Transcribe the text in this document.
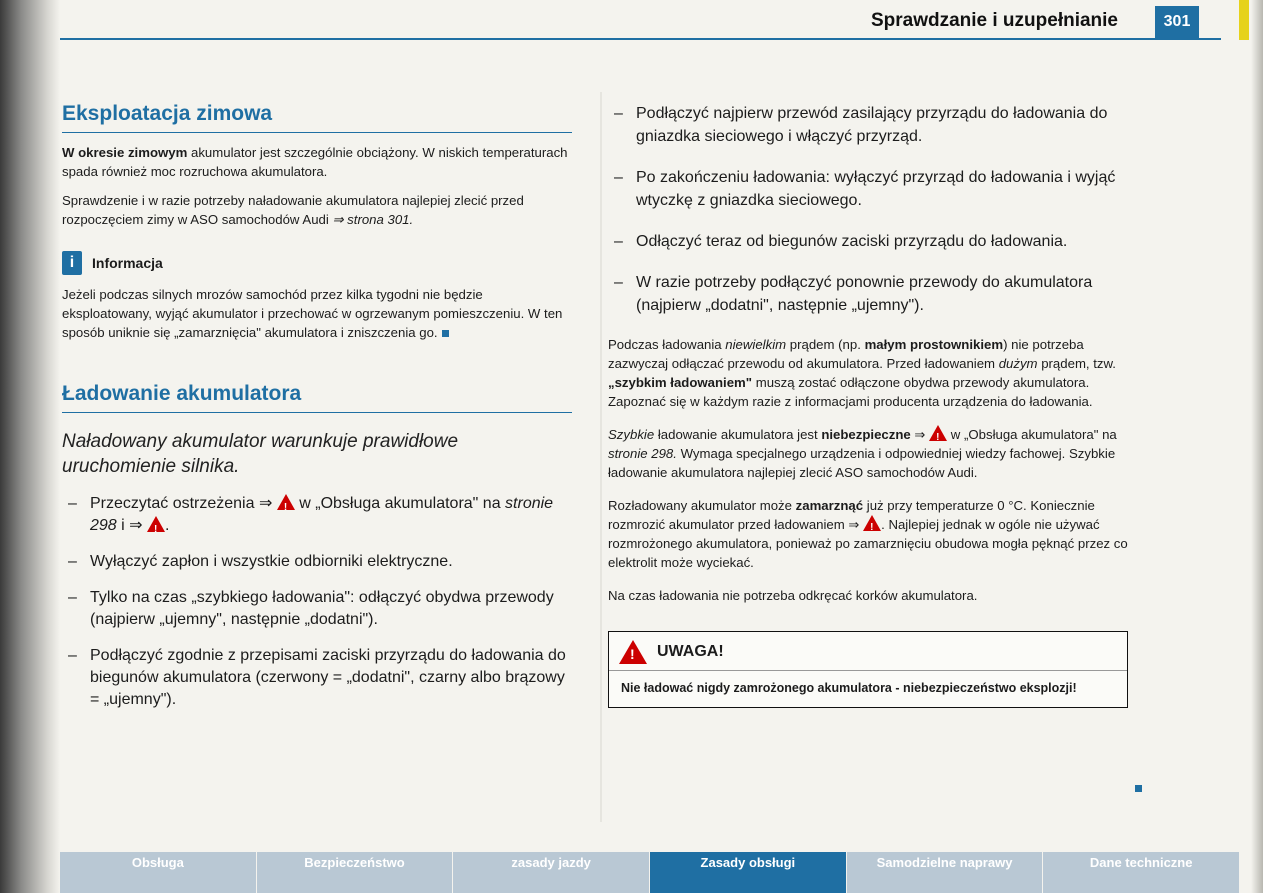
Sprawdzanie i uzupełnianie	301
Eksploatacja zimowa

W okresie zimowym akumulator jest szczególnie obciążony. W niskich temperaturach spada również moc rozruchowa akumulatora.

Sprawdzenie i w razie potrzeby naładowanie akumulatora najlepiej zlecić przed rozpoczęciem zimy w ASO samochodów Audi ⇒ strona 301.

i	Informacja

Jeżeli podczas silnych mrozów samochód przez kilka tygodni nie będzie eksploatowany, wyjąć akumulator i przechować w ogrzewanym pomieszczeniu. W ten sposób uniknie się „zamarznięcia" akumulatora i zniszczenia go.

Ładowanie akumulatora

Naładowany akumulator warunkuje prawidłowe uruchomienie silnika.

– Przeczytać ostrzeżenia ⇒ ! w „Obsługa akumulatora" na stronie 298 i ⇒ !.
– Wyłączyć zapłon i wszystkie odbiorniki elektryczne.
– Tylko na czas „szybkiego ładowania": odłączyć obydwa przewody (najpierw „ujemny", następnie „dodatni").
– Podłączyć zgodnie z przepisami zaciski przyrządu do ładowania do biegunów akumulatora (czerwony = „dodatni", czarny albo brązowy = „ujemny").
– Podłączyć najpierw przewód zasilający przyrządu do ładowania do gniazdka sieciowego i włączyć przyrząd.
– Po zakończeniu ładowania: wyłączyć przyrząd do ładowania i wyjąć wtyczkę z gniazdka sieciowego.
– Odłączyć teraz od biegunów zaciski przyrządu do ładowania.
– W razie potrzeby podłączyć ponownie przewody do akumulatora (najpierw „dodatni", następnie „ujemny").

Podczas ładowania niewielkim prądem (np. małym prostownikiem) nie potrzeba zazwyczaj odłączać przewodu od akumulatora. Przed ładowaniem dużym prądem, tzw. „szybkim ładowaniem" muszą zostać odłączone obydwa przewody akumulatora. Zapoznać się w każdym razie z informacjami producenta urządzenia do ładowania.

Szybkie ładowanie akumulatora jest niebezpieczne ⇒ ! w „Obsługa akumulatora" na stronie 298. Wymaga specjalnego urządzenia i odpowiedniej wiedzy fachowej. Szybkie ładowanie akumulatora najlepiej zlecić ASO samochodów Audi.

Rozładowany akumulator może zamarznąć już przy temperaturze 0 °C. Koniecznie rozmrozić akumulator przed ładowaniem ⇒ !. Najlepiej jednak w ogóle nie używać rozmrożonego akumulatora, ponieważ po zamarznięciu obudowa mogła pęknąć przez co elektrolit może wyciekać.

Na czas ładowania nie potrzeba odkręcać korków akumulatora.

!
UWAGA!
Nie ładować nigdy zamrożonego akumulatora - niebezpieczeństwo eksplozji!
Obsługa	Bezpieczeństwo	zasady jazdy	Zasady obsługi	Samodzielne naprawy	Dane techniczne
